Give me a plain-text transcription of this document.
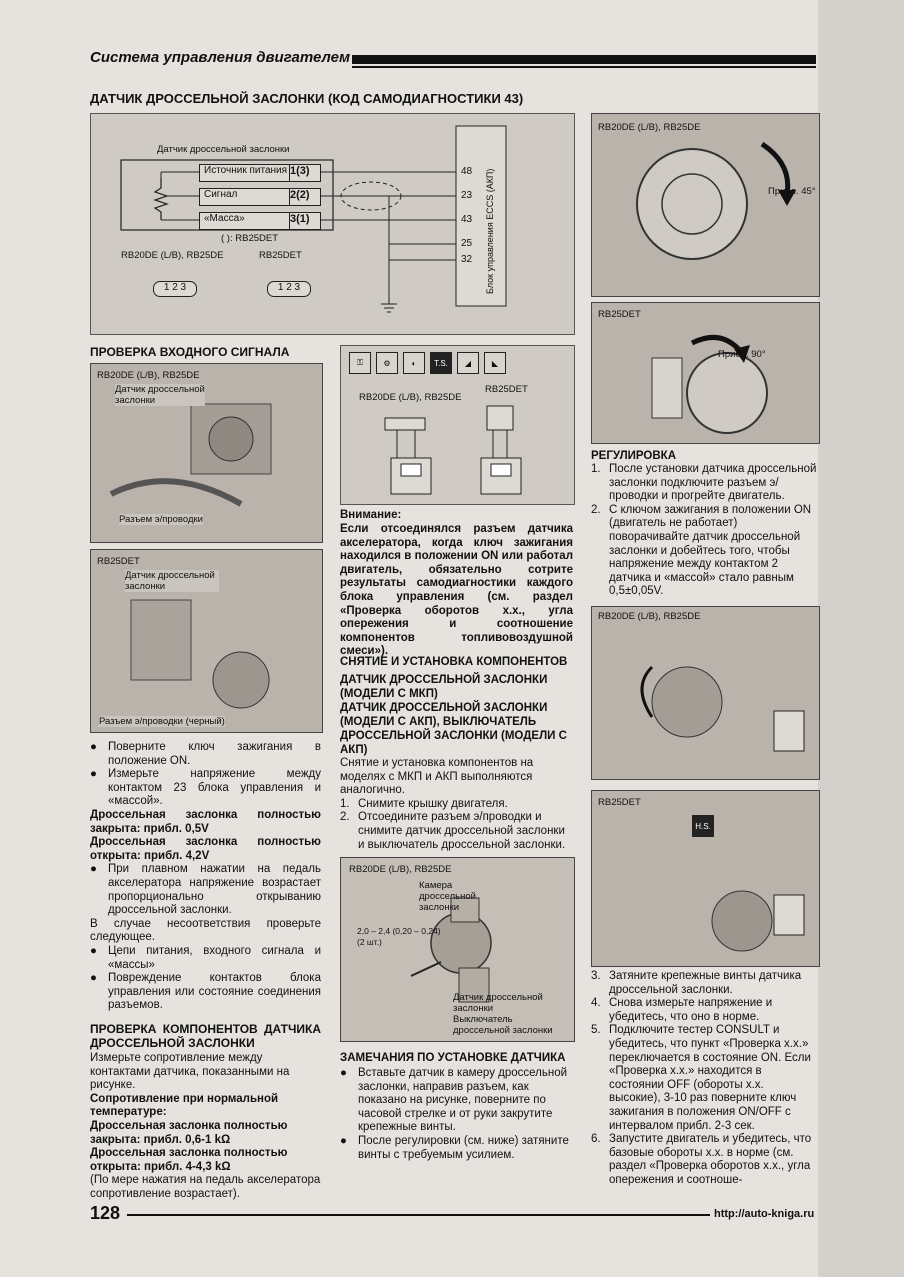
Система управления двигателем
ДАТЧИК ДРОССЕЛЬНОЙ ЗАСЛОНКИ (КОД САМОДИАГНОСТИКИ 43)
Датчик дроссельной заслонки
Источник питания 1(3)
Сигнал	2(2)
«Масса»	3(1)
( ): RB25DET
48
23
43
25
32
RB20DE (L/B), RB25DE	RB25DET
1 2 3	1 2 3
RB20DE (L/B), RB25DE
Прибл. 45°
RB25DET
Прибл. 90°
ПРОВЕРКА ВХОДНОГО СИГНАЛА
RB20DE (L/B), RB25DE
Датчик дроссельной заслонки
Разъем э/проводки
RB25DET
Датчик дроссельной заслонки
Разъем э/проводки (черный)
⚿	⚙	◐	T.S.	◢	◣
RB20DE (L/B), RB25DE
RB25DET
Внимание:
Если отсоединялся разъем датчика акселератора, когда ключ зажигания находился в положении ON или работал двигатель, обязательно сотрите результаты самодиагностики каждого блока управления (см. раздел «Проверка оборотов х.х., угла опережения и соотношение компонентов топливовоздушной смеси»).

● Поверните ключ зажигания в положение ON.

● Измерьте напряжение между контактом 23 блока управления и «массой».

Дроссельная заслонка полностью закрыта: прибл. 0,5V

Дроссельная заслонка полностью открыта: прибл. 4,2V

● При плавном нажатии на педаль акселератора напряжение возрастает пропорционально открыванию дроссельной заслонки.

В случае несоответствия проверьте следующее.

● Цепи питания, входного сигнала и «массы»

● Повреждение контактов блока управления или состояние соединения разъемов.

ПРОВЕРКА КОМПОНЕНТОВ ДАТЧИКА ДРОССЕЛЬНОЙ ЗАСЛОНКИ

Измерьте сопротивление между контактами датчика, показанными на рисунке.

Сопротивление при нормальной температуре:

Дроссельная заслонка полностью закрыта: прибл. 0,6-1 kΩ

Дроссельная заслонка полностью открыта: прибл. 4-4,3 kΩ

(По мере нажатия на педаль акселератора сопротивление возрастает).

СНЯТИЕ И УСТАНОВКА КОМПОНЕНТОВ

ДАТЧИК ДРОССЕЛЬНОЙ ЗАСЛОНКИ (МОДЕЛИ С МКП)

ДАТЧИК ДРОССЕЛЬНОЙ ЗАСЛОНКИ (МОДЕЛИ С АКП), ВЫКЛЮЧАТЕЛЬ ДРОССЕЛЬНОЙ ЗАСЛОНКИ (МОДЕЛИ С АКП)

Снятие и установка компонентов на моделях с МКП и АКП выполняются аналогично.

1. Снимите крышку двигателя.

2. Отсоедините разъем э/проводки и снимите датчик дроссельной заслонки и выключатель дроссельной заслонки.

RB20DE (L/B), RB25DE
Камера дроссельной заслонки
2,0 – 2,4 (0,20 – 0,24) (2 шт.)
Датчик дроссельной заслонки
Выключатель дроссельной заслонки
ЗАМЕЧАНИЯ ПО УСТАНОВКЕ ДАТЧИКА

● Вставьте датчик в камеру дроссельной заслонки, направив разъем, как показано на рисунке, поверните по часовой стрелке и от руки закрутите крепежные винты.

● После регулировки (см. ниже) затяните винты с требуемым усилием.

РЕГУЛИРОВКА

1. После установки датчика дроссельной заслонки подключите разъем э/проводки и прогрейте двигатель.

2. С ключом зажигания в положении ON (двигатель не работает) поворачивайте датчик дроссельной заслонки и добейтесь того, чтобы напряжение между контактом 2 датчика и «массой» стало равным 0,5±0,05V.

RB20DE (L/B), RB25DE
RB25DET
H.S.

3. Затяните крепежные винты датчика дроссельной заслонки.

4. Снова измерьте напряжение и убедитесь, что оно в норме.

5. Подключите тестер CONSULT и убедитесь, что пункт «Проверка х.х.» переключается в состояние ON. Если «Проверка х.х.» находится в состоянии OFF (обороты х.х. высокие), 3-10 раз поверните ключ зажигания в положения ON/OFF с интервалом прибл. 2-3 сек.

6. Запустите двигатель и убедитесь, что базовые обороты х.х. в норме (см. раздел «Проверка оборотов х.х., угла опережения и соотноше-

128	http://auto-kniga.ru
